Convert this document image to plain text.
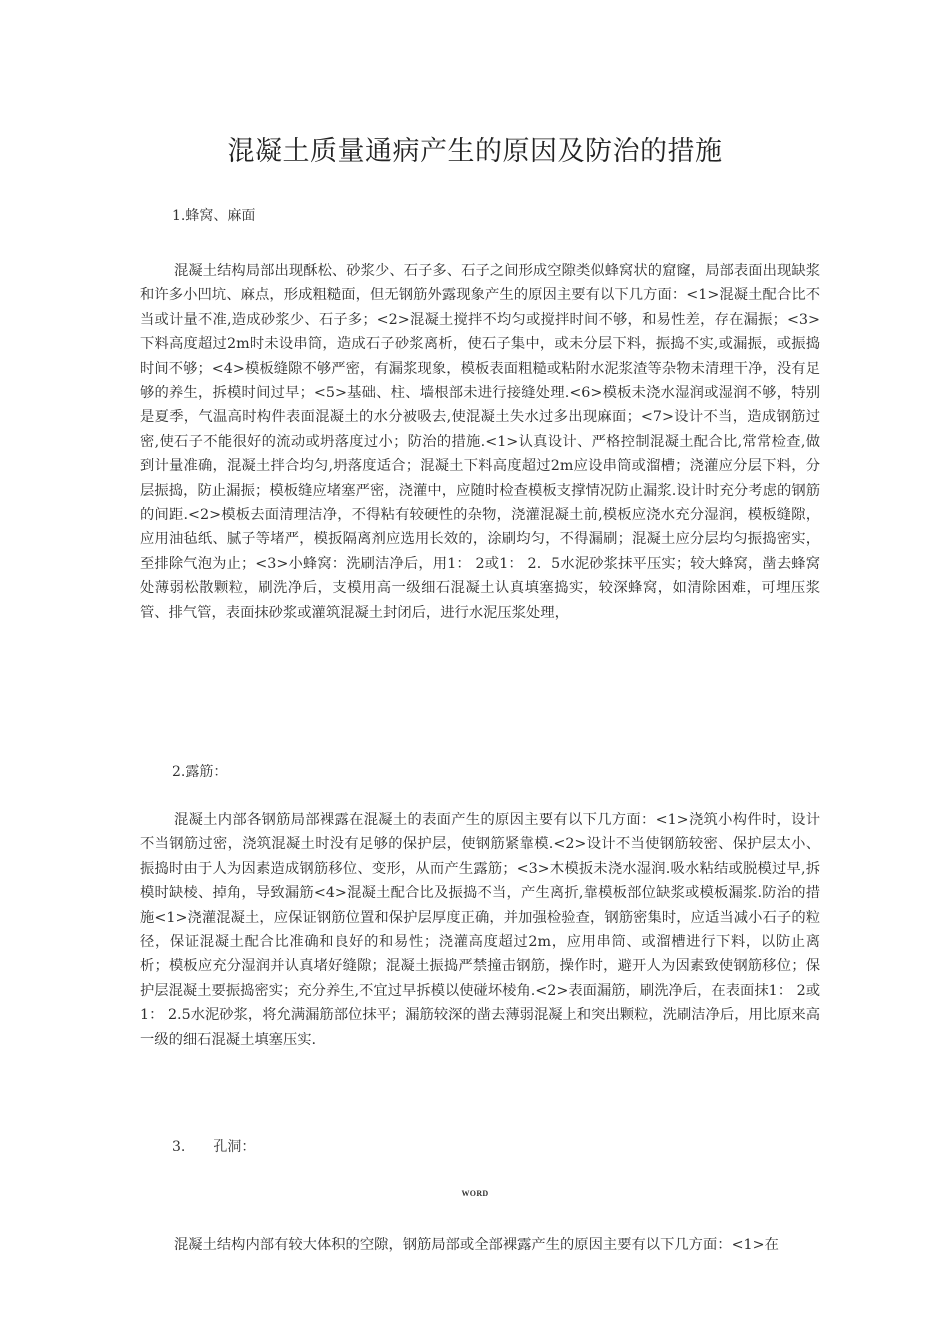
混凝土质量通病产生的原因及防治的措施
1.蜂窝、麻面

混凝土结构局部出现酥松、砂浆少、石子多、石子之间形成空隙类似蜂窝状的窟窿，局部表面出现缺浆和许多小凹坑、麻点，形成粗糙面，但无钢筋外露现象产生的原因主要有以下几方面：<1>混凝土配合比不当或计量不准,造成砂浆少、石子多；<2>混凝土搅拌不均匀或搅拌时间不够，和易性差，存在漏振；<3>下料高度超过2m时未设串筒，造成石子砂浆离析，使石子集中，或未分层下料，振捣不实,或漏振，或振捣时间不够；<4>模板缝隙不够严密，有漏浆现象，模板表面粗糙或粘附水泥浆渣等杂物未清理干净，没有足够的养生，拆模时间过早；<5>基础、柱、墙根部未进行接缝处理.<6>模板未浇水湿润或湿润不够，特别是夏季，气温高时构件表面混凝土的水分被吸去,使混凝土失水过多出现麻面；<7>设计不当，造成钢筋过密,使石子不能很好的流动或坍落度过小；防治的措施.<1>认真设计、严格控制混凝土配合比,常常检查,做到计量准确，混凝土拌合均匀,坍落度适合；混凝土下料高度超过2m应设串筒或溜槽；浇灌应分层下料，分层振捣，防止漏振；模板缝应堵塞严密，浇灌中，应随时检查模板支撑情况防止漏浆.设计时充分考虑的钢筋的间距.<2>模板去面清理洁净，不得粘有较硬性的杂物，浇灌混凝土前,模板应浇水充分湿润，模板缝隙，应用油毡纸、腻子等堵严，模扳隔离剂应选用长效的，涂刷均匀，不得漏刷；混凝土应分层均匀振捣密实，至排除气泡为止；<3>小蜂窝：洗刷洁净后，用1： 2或1： 2．5水泥砂浆抹平压实；较大蜂窝，凿去蜂窝处薄弱松散颗粒，刷洗净后，支模用高一级细石混凝土认真填塞捣实，较深蜂窝，如清除困难，可埋压浆管、排气管，表面抹砂浆或灌筑混凝土封闭后，进行水泥压浆处理，

2.露筋：

混凝土内部各钢筋局部裸露在混凝土的表面产生的原因主要有以下几方面：<1>浇筑小构件时，设计不当钢筋过密，浇筑混凝土时没有足够的保护层，使钢筋紧靠模.<2>设计不当使钢筋较密、保护层太小、振捣时由于人为因素造成钢筋移位、变形，从而产生露筋；<3>木模扳未浇水湿润.吸水粘结或脱模过早,拆模时缺棱、掉角，导致漏筋<4>混凝土配合比及振捣不当，产生离折,靠模板部位缺浆或模板漏浆.防治的措施<1>浇灌混凝土，应保证钢筋位置和保护层厚度正确，并加强检验查，钢筋密集时，应适当减小石子的粒径，保证混凝土配合比准确和良好的和易性；浇灌高度超过2m，应用串筒、或溜槽进行下料，以防止离析；模板应充分湿润并认真堵好缝隙；混凝土振捣严禁撞击钢筋，操作时，避开人为因素致使钢筋移位；保护层混凝土要振捣密实；充分养生,不宜过早拆模以使碰坏棱角.<2>表面漏筋，刷洗净后，在表面抹1： 2或1： 2.5水泥砂浆，将允满漏筋部位抹平；漏筋较深的凿去薄弱混凝上和突出颗粒，洗刷洁净后，用比原来高一级的细石混凝土填塞压实.

3.　　孔洞：
WORD

混凝土结构内部有较大体积的空隙，钢筋局部或全部裸露产生的原因主要有以下几方面：<1>在
